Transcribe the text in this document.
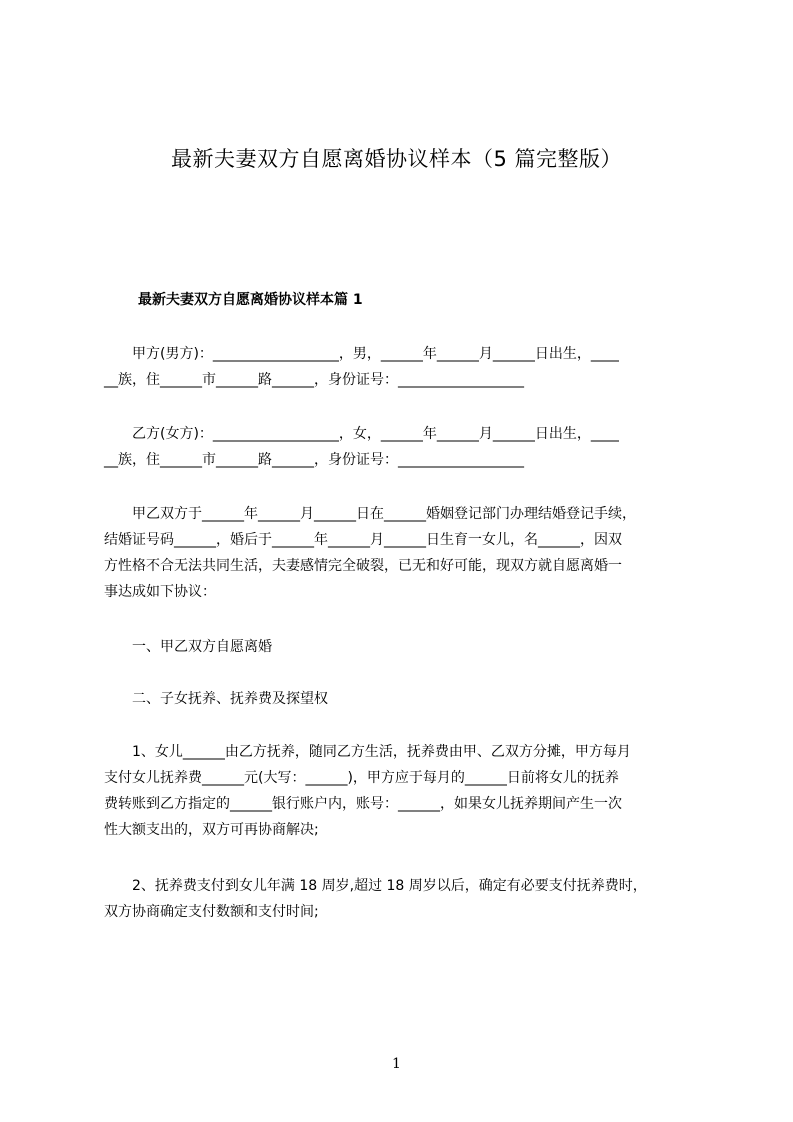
最新夫妻双方自愿离婚协议样本（5 篇完整版）
最新夫妻双方自愿离婚协议样本篇 1
　　甲方(男方)：__________________，男，______年______月______日出生，____
__族，住______市______路______，身份证号：__________________
　　乙方(女方)：__________________，女，______年______月______日出生，____
__族，住______市______路______，身份证号：__________________
　　甲乙双方于______年______月______日在______婚姻登记部门办理结婚登记手续，
结婚证号码______，婚后于______年______月______日生育一女儿，名______，因双
方性格不合无法共同生活，夫妻感情完全破裂，已无和好可能，现双方就自愿离婚一
事达成如下协议：
　　一、甲乙双方自愿离婚
　　二、子女抚养、抚养费及探望权
　　1、女儿______由乙方抚养，随同乙方生活，抚养费由甲、乙双方分摊，甲方每月
支付女儿抚养费______元(大写：______)，甲方应于每月的______日前将女儿的抚养
费转账到乙方指定的______银行账户内，账号：______，如果女儿抚养期间产生一次
性大额支出的，双方可再协商解决;
　　2、抚养费支付到女儿年满 18 周岁,超过 18 周岁以后，确定有必要支付抚养费时，
双方协商确定支付数额和支付时间;
1
